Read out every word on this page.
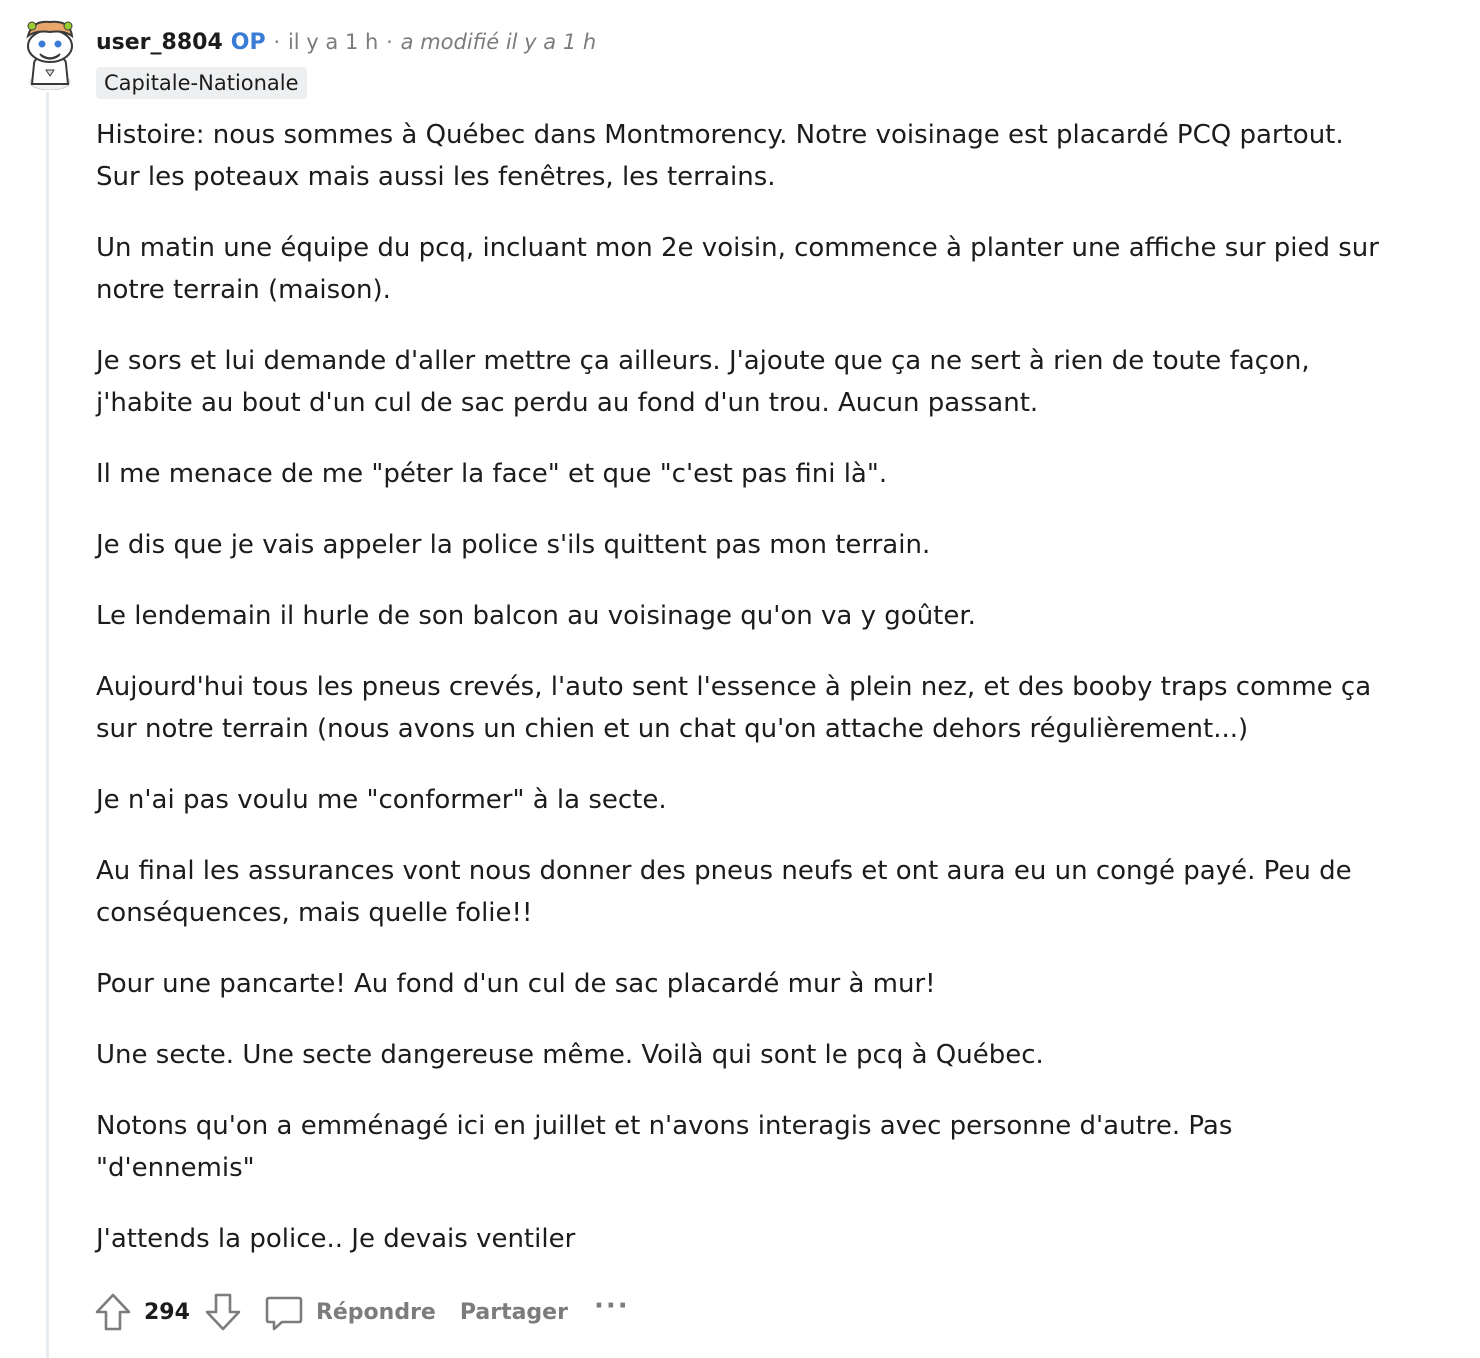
user_8804 OP · il y a 1 h · a modifié il y a 1 h
Capitale-Nationale

Histoire: nous sommes à Québec dans Montmorency. Notre voisinage est placardé PCQ partout. Sur les poteaux mais aussi les fenêtres, les terrains.

Un matin une équipe du pcq, incluant mon 2e voisin, commence à planter une affiche sur pied sur notre terrain (maison).

Je sors et lui demande d'aller mettre ça ailleurs. J'ajoute que ça ne sert à rien de toute façon, j'habite au bout d'un cul de sac perdu au fond d'un trou. Aucun passant.

Il me menace de me "péter la face" et que "c'est pas fini là".

Je dis que je vais appeler la police s'ils quittent pas mon terrain.

Le lendemain il hurle de son balcon au voisinage qu'on va y goûter.

Aujourd'hui tous les pneus crevés, l'auto sent l'essence à plein nez, et des booby traps comme ça sur notre terrain (nous avons un chien et un chat qu'on attache dehors régulièrement...)

Je n'ai pas voulu me "conformer" à la secte.

Au final les assurances vont nous donner des pneus neufs et ont aura eu un congé payé. Peu de conséquences, mais quelle folie!!

Pour une pancarte! Au fond d'un cul de sac placardé mur à mur!

Une secte. Une secte dangereuse même. Voilà qui sont le pcq à Québec.

Notons qu'on a emménagé ici en juillet et n'avons interagis avec personne d'autre. Pas "d'ennemis"

J'attends la police.. Je devais ventiler

294	Répondre Partager ···
